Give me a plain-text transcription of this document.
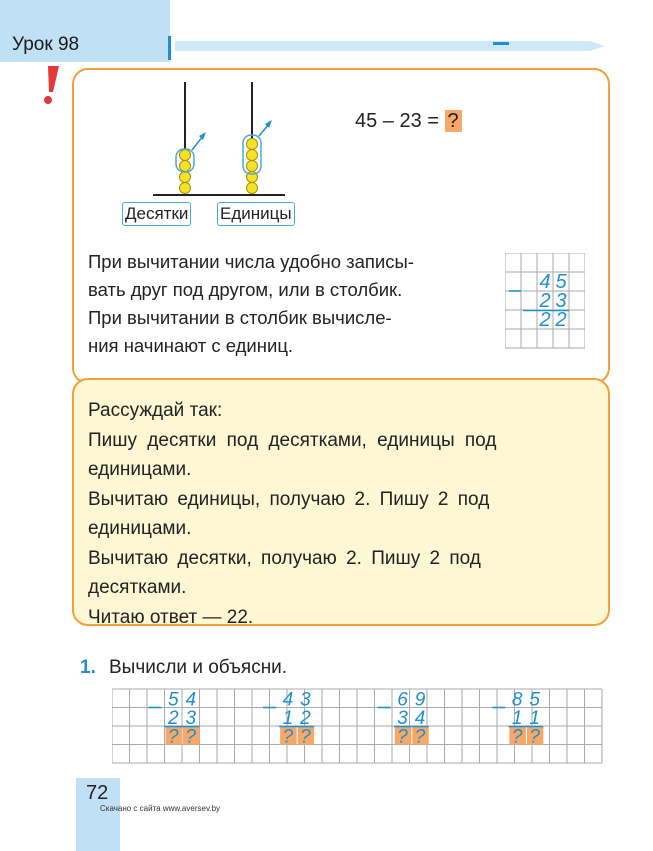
Урок 98
Десятки Единицы
45 – 23 = ?
При вычитании числа удобно записы-
вать друг под другом, или в столбик.
При вычитании в столбик вычисле-
ния начинают с единиц.
4 5
2 3
2 2
Рассуждай так:
Пишу десятки под десятками, единицы под
единицами.
Вычитаю единицы, получаю 2. Пишу 2 под
единицами.
Вычитаю десятки, получаю 2. Пишу 2 под
десятками.
Читаю ответ — 22.
1. Вычисли и объясни.
5 4
2 3
? ?
4 3
1 2
? ?
6 9
3 4
? ?
8 5
1 1
? ?
72
Скачано с сайта www.aversev.by
